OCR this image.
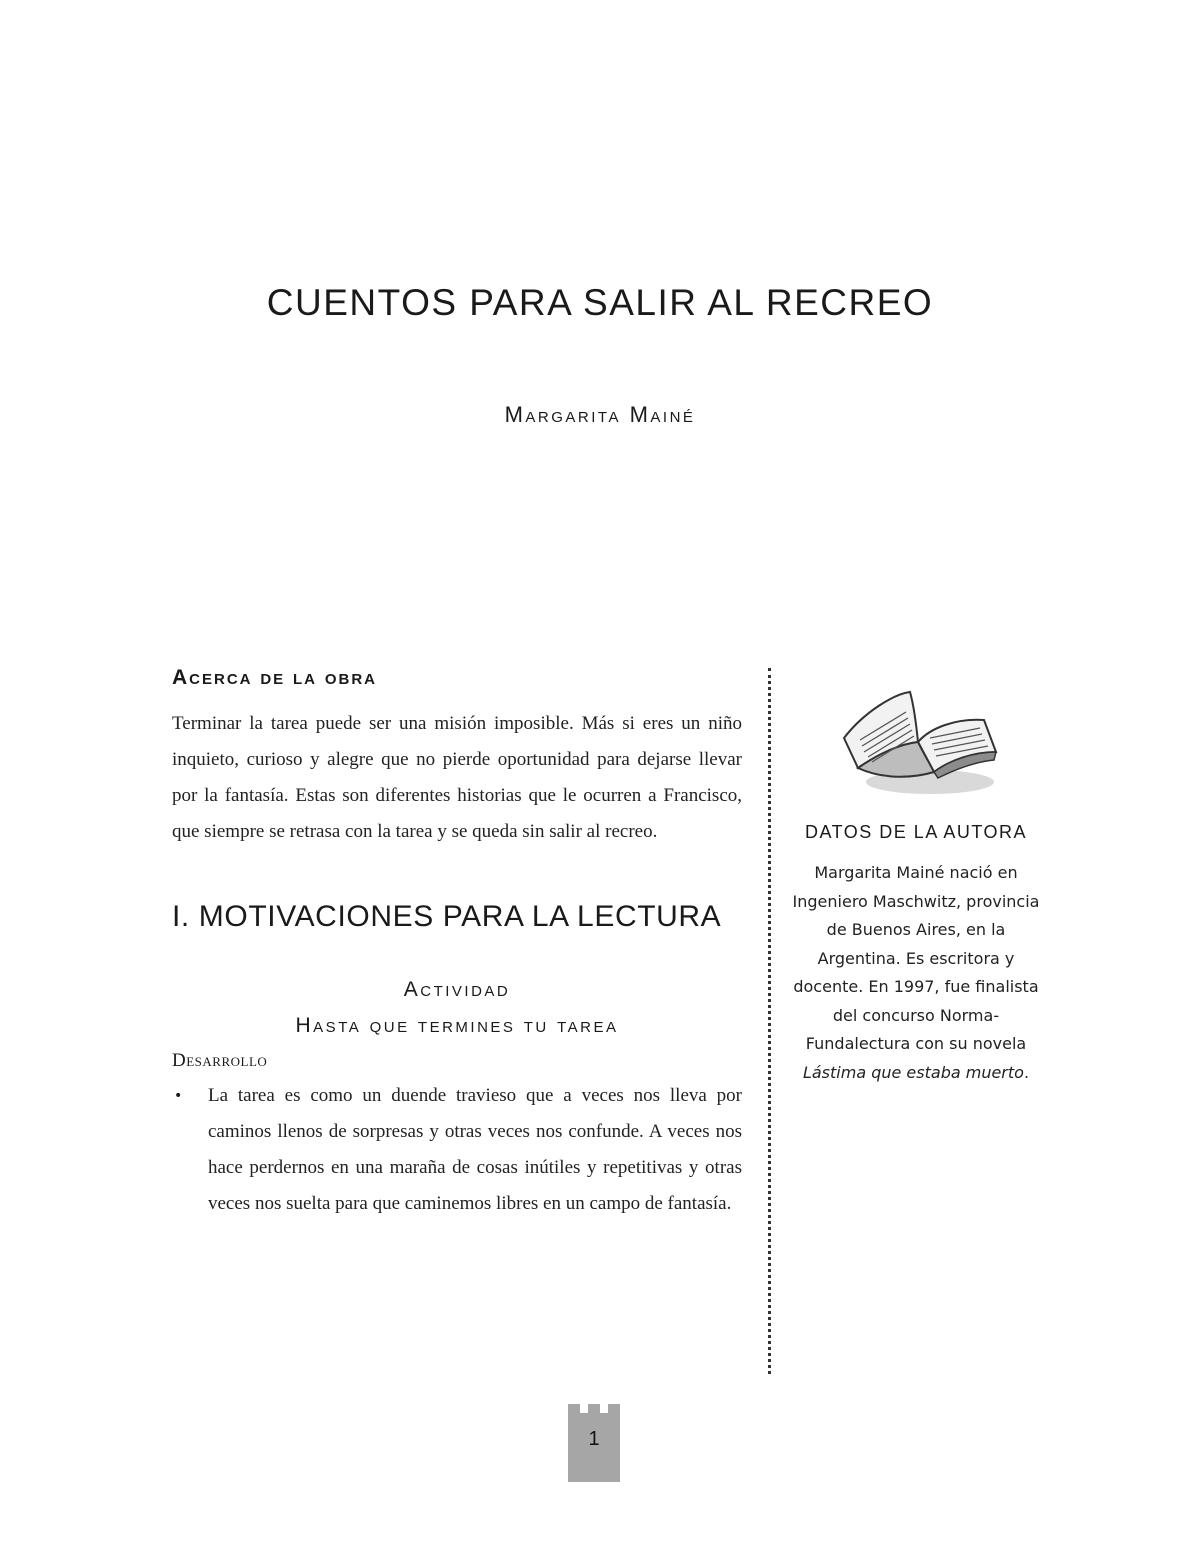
CUENTOS PARA SALIR AL RECREO
Margarita Mainé
Acerca de la obra
Terminar la tarea puede ser una misión imposible. Más si eres un niño inquieto, curioso y alegre que no pierde oportunidad para dejarse llevar por la fantasía. Estas son diferentes historias que le ocurren a Francisco, que siempre se retrasa con la tarea y se queda sin salir al recreo.
I. MOTIVACIONES PARA LA LECTURA
Actividad
Hasta que termines tu tarea
Desarrollo
• La tarea es como un duende travieso que a veces nos lleva por caminos llenos de sorpresas y otras veces nos confunde. A veces nos hace perdernos en una maraña de cosas inútiles y repetitivas y otras veces nos suelta para que caminemos libres en un campo de fantasía.
DATOS DE LA AUTORA
Margarita Mainé nació en Ingeniero Maschwitz, provincia de Buenos Aires, en la Argentina. Es escritora y docente. En 1997, fue finalista del concurso Norma-Fundalectura con su novela Lástima que estaba muerto.
1
